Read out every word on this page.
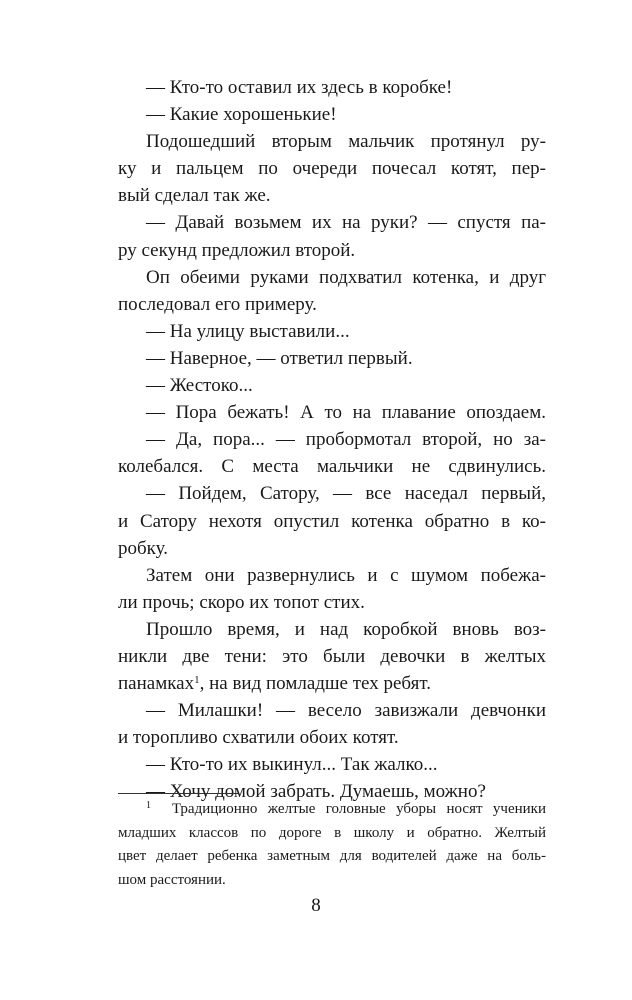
— Кто-то оставил их здесь в коробке!
— Какие хорошенькие!
Подошедший вторым мальчик протянул ру-
ку и пальцем по очереди почесал котят, пер-
вый сделал так же.
— Давай возьмем их на руки? — спустя па-
ру секунд предложил второй.
Оп обеими руками подхватил котенка, и друг
последовал его примеру.
— На улицу выставили...
— Наверное, — ответил первый.
— Жестоко...
— Пора бежать! А то на плавание опоздаем.
— Да, пора... — пробормотал второй, но за-
колебался. С места мальчики не сдвинулись.
— Пойдем, Сатору, — все наседал первый,
и Сатору нехотя опустил котенка обратно в ко-
робку.
Затем они развернулись и с шумом побежа-
ли прочь; скоро их топот стих.
Прошло время, и над коробкой вновь воз-
никли две тени: это были девочки в желтых
панамках$^1$, на вид помладше тех ребят.
— Милашки! — весело завизжали девчонки
и торопливо схватили обоих котят.
— Кто-то их выкинул... Так жалко...
— Хочу домой забрать. Думаешь, можно?
$^1$ Традиционно желтые головные уборы носят ученики
младших классов по дороге в школу и обратно. Желтый
цвет делает ребенка заметным для водителей даже на боль-
шом расстоянии.
8
